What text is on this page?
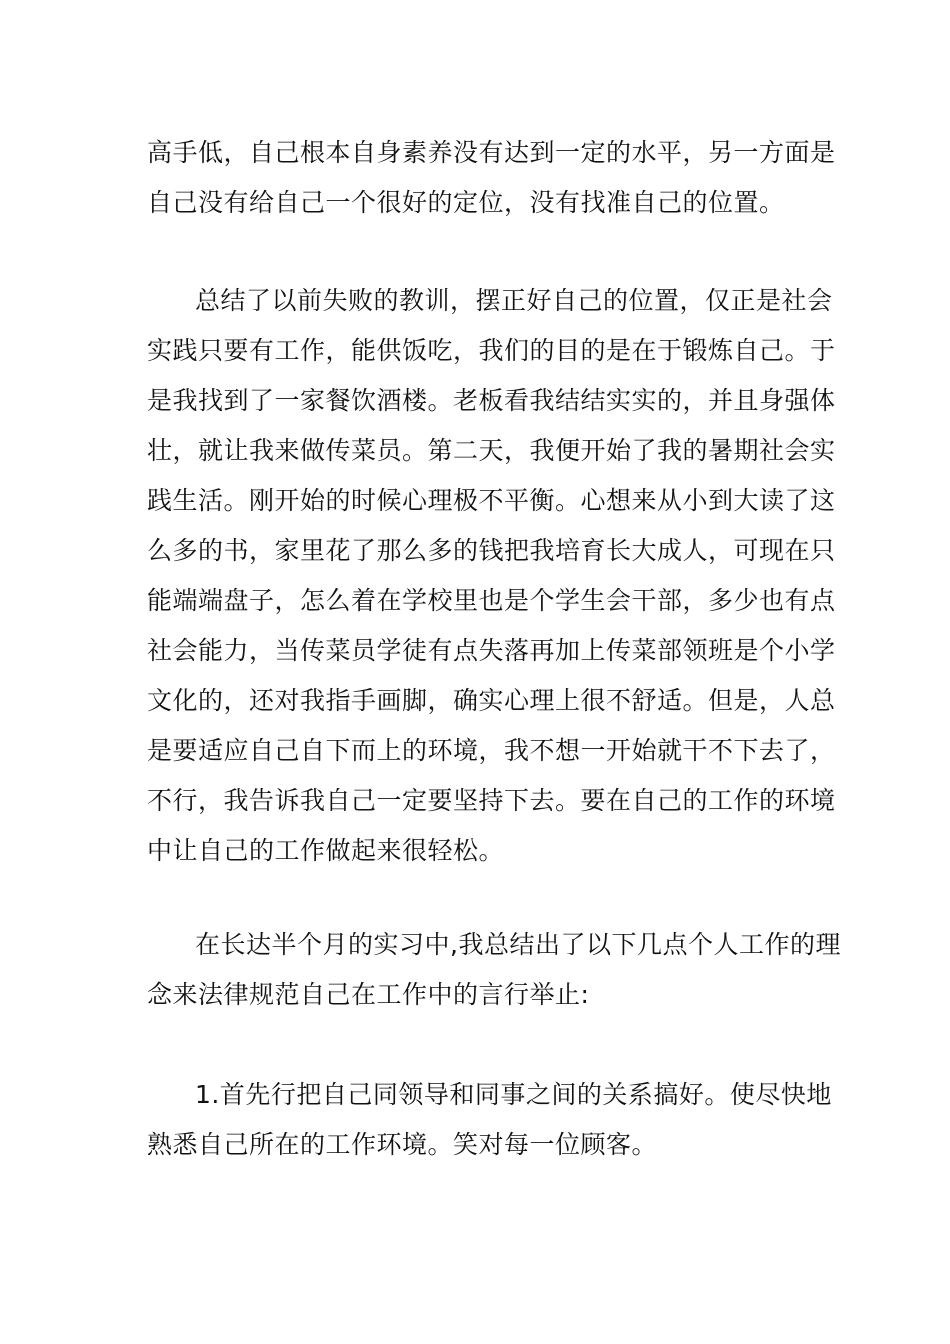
高手低，自己根本自身素养没有达到一定的水平，另一方面是
自己没有给自己一个很好的定位，没有找准自己的位置。
总结了以前失败的教训，摆正好自己的位置，仅正是社会
实践只要有工作，能供饭吃，我们的目的是在于锻炼自己。于
是我找到了一家餐饮酒楼。老板看我结结实实的，并且身强体
壮，就让我来做传菜员。第二天，我便开始了我的暑期社会实
践生活。刚开始的时候心理极不平衡。心想来从小到大读了这
么多的书，家里花了那么多的钱把我培育长大成人，可现在只
能端端盘子，怎么着在学校里也是个学生会干部，多少也有点
社会能力，当传菜员学徒有点失落再加上传菜部领班是个小学
文化的，还对我指手画脚，确实心理上很不舒适。但是，人总
是要适应自己自下而上的环境，我不想一开始就干不下去了，
不行，我告诉我自己一定要坚持下去。要在自己的工作的环境
中让自己的工作做起来很轻松。
在长达半个月的实习中,我总结出了以下几点个人工作的理
念来法律规范自己在工作中的言行举止:
1.首先行把自己同领导和同事之间的关系搞好。使尽快地
熟悉自己所在的工作环境。笑对每一位顾客。
